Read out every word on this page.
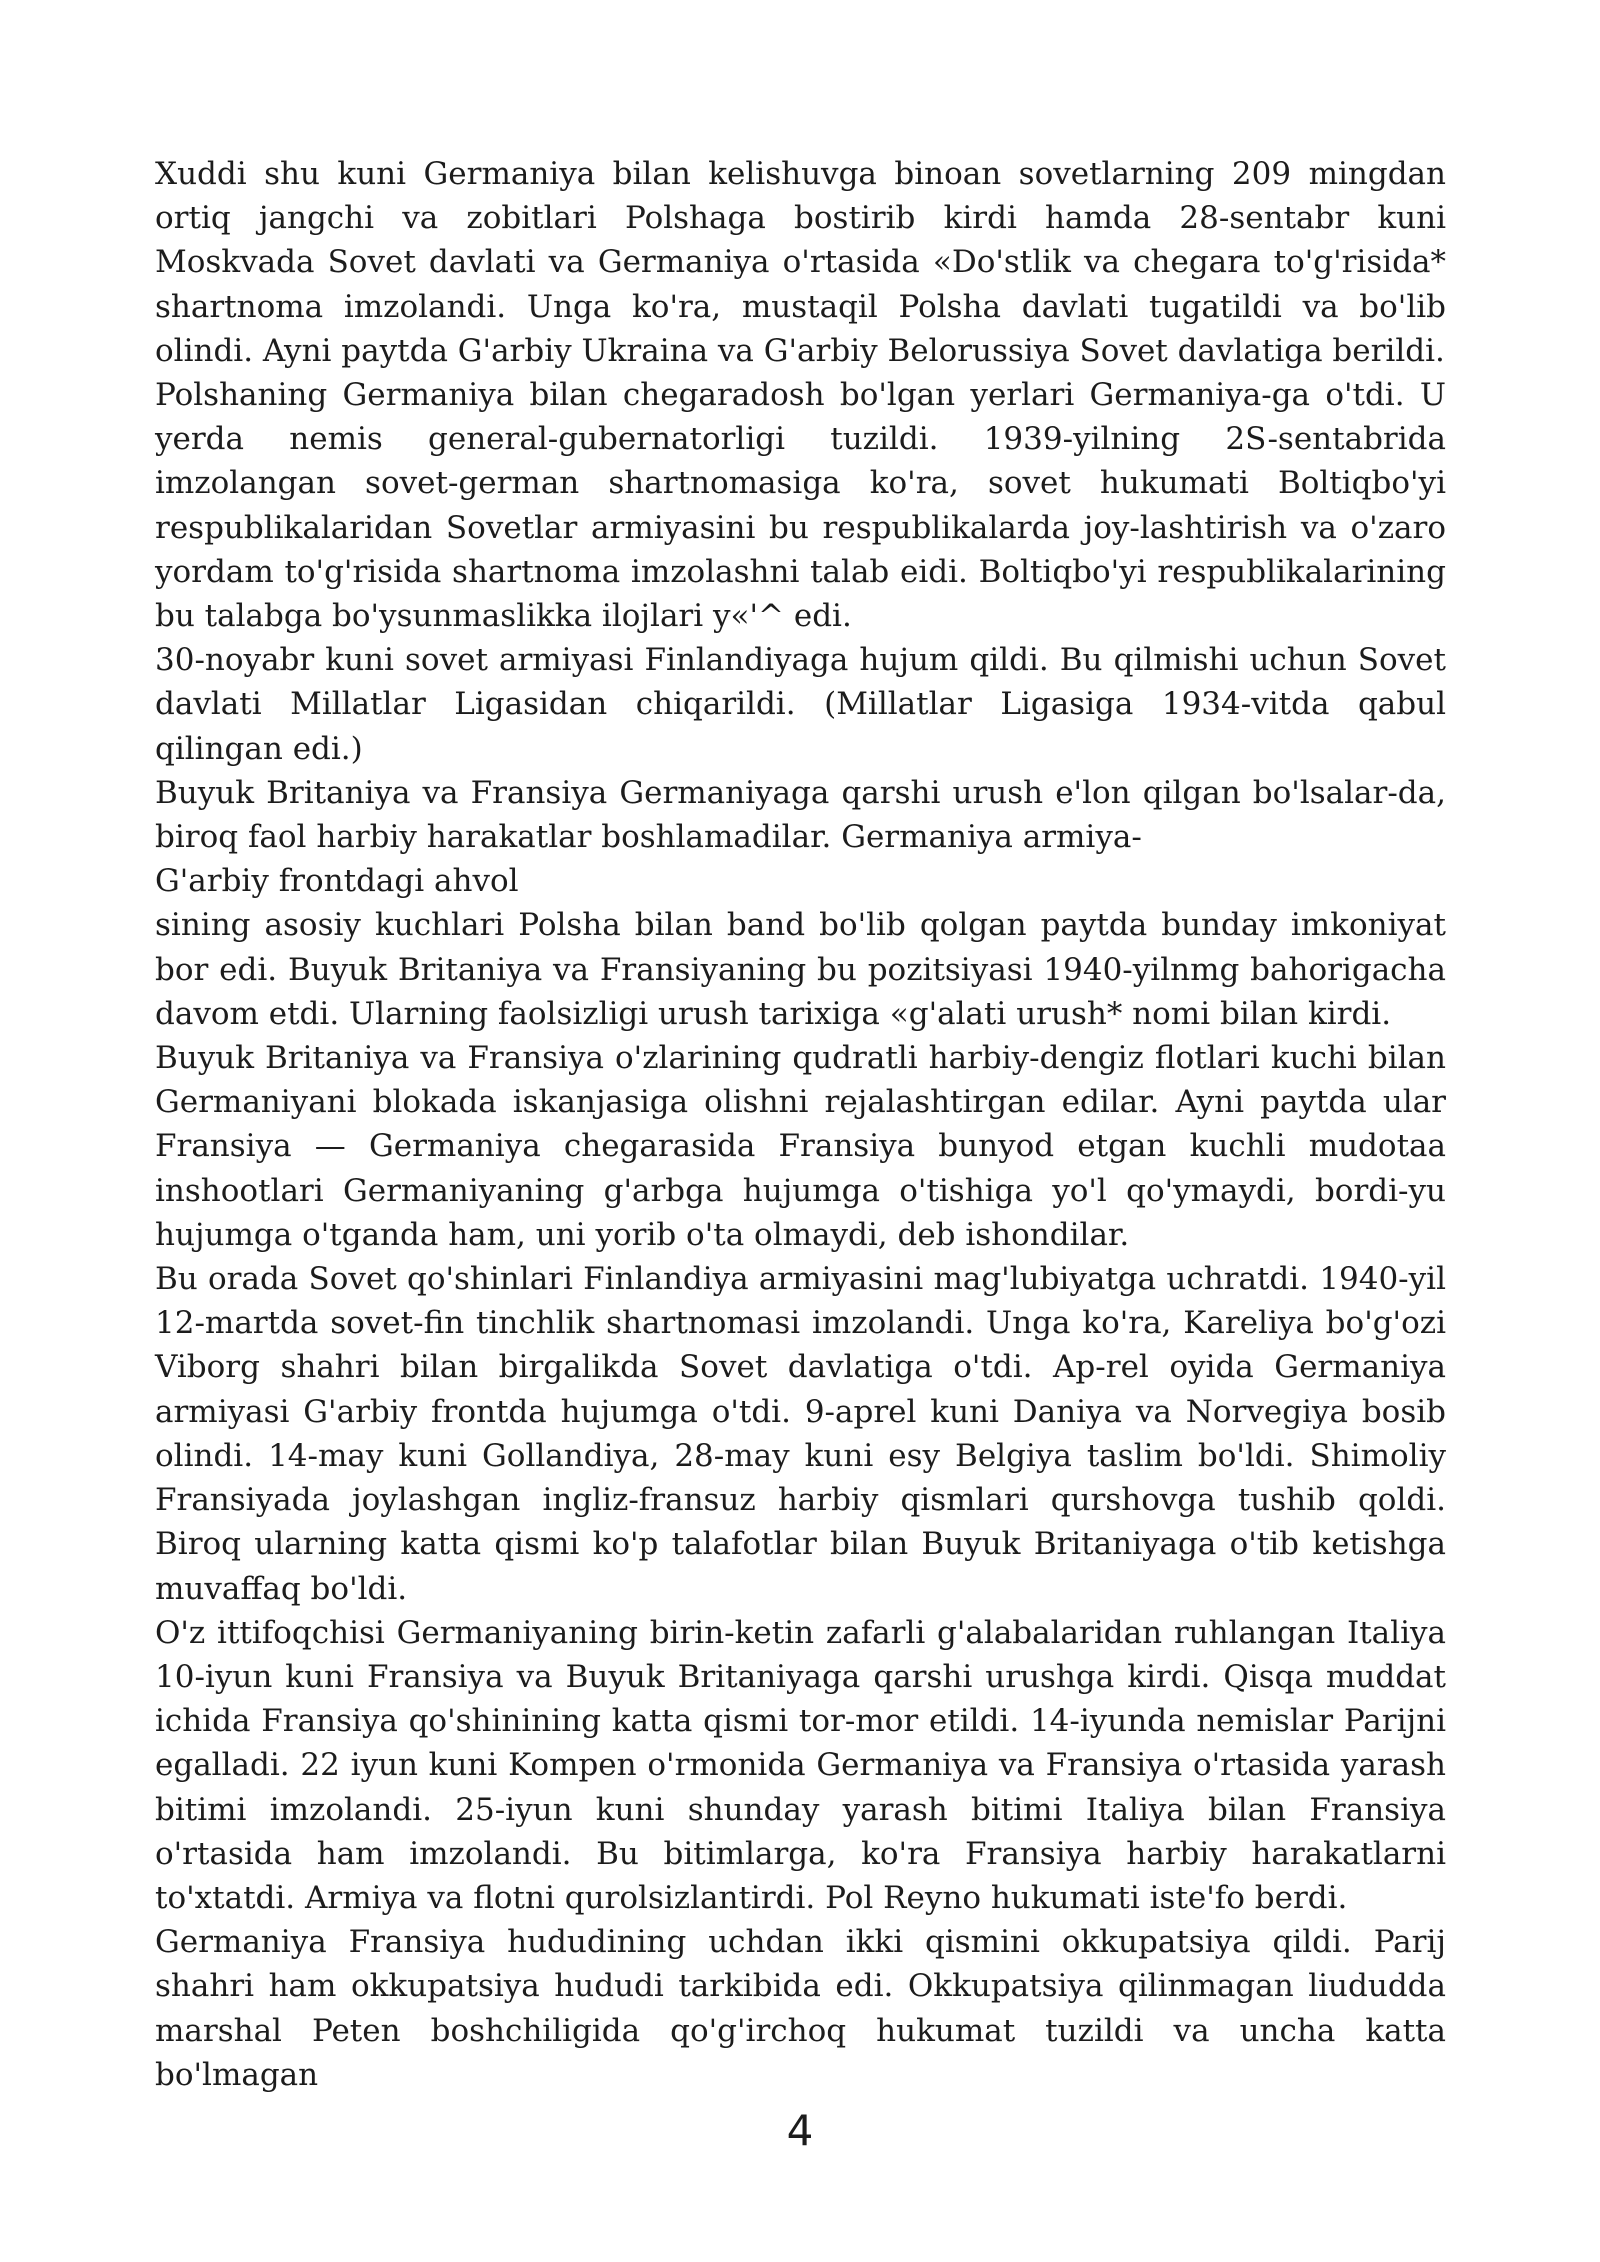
Xuddi shu kuni Germaniya bilan kelishuvga binoan sovetlarning 209 mingdan ortiq jangchi va zobitlari Polshaga bostirib kirdi hamda 28-sentabr kuni Moskvada Sovet davlati va Germaniya o'rtasida «Do'stlik va chegara to'g'risida* shartnoma imzolandi. Unga ko'ra, mustaqil Polsha davlati tugatildi va bo'lib olindi. Ayni paytda G'arbiy Ukraina va G'arbiy Belorussiya Sovet davlatiga berildi.

Polshaning Germaniya bilan chegaradosh bo'lgan yerlari Germaniya-ga o'tdi. U yerda nemis general-gubernatorligi tuzildi. 1939-yilning 2S-sentabrida imzolangan sovet-german shartnomasiga ko'ra, sovet hukumati Boltiqbo'yi respublikalaridan Sovetlar armiyasini bu respublikalarda joy-lashtirish va o'zaro yordam to'g'risida shartnoma imzolashni talab eidi. Boltiqbo'yi respublikalarining bu talabga bo'ysunmaslikka ilojlari y«'^ edi.

30-noyabr kuni sovet armiyasi Finlandiyaga hujum qildi. Bu qilmishi uchun Sovet davlati Millatlar Ligasidan chiqarildi. (Millatlar Ligasiga 1934-vitda qabul qilingan edi.)

Buyuk Britaniya va Fransiya Germaniyaga qarshi urush e'lon qilgan bo'lsalar-da, biroq faol harbiy harakatlar boshlamadilar. Germaniya armiya-

G'arbiy frontdagi ahvol

sining asosiy kuchlari Polsha bilan band bo'lib qolgan paytda bunday imkoniyat bor edi. Buyuk Britaniya va Fransiyaning bu pozitsiyasi 1940-yilnmg bahorigacha davom etdi. Ularning faolsizligi urush tarixiga «g'alati urush* nomi bilan kirdi.

Buyuk Britaniya va Fransiya o'zlarining qudratli harbiy-dengiz flotlari kuchi bilan Germaniyani blokada iskanjasiga olishni rejalashtirgan edilar. Ayni paytda ular Fransiya — Germaniya chegarasida Fransiya bunyod etgan kuchli mudotaa inshootlari Germaniyaning g'arbga hujumga o'tishiga yo'l qo'ymaydi, bordi-yu hujumga o'tganda ham, uni yorib o'ta olmaydi, deb ishondilar.

Bu orada Sovet qo'shinlari Finlandiya armiyasini mag'lubiyatga uchratdi. 1940-yil 12-martda sovet-fin tinchlik shartnomasi imzolandi. Unga ko'ra, Kareliya bo'g'ozi Viborg shahri bilan birgalikda Sovet davlatiga o'tdi. Ap-rel oyida Germaniya armiyasi G'arbiy frontda hujumga o'tdi. 9-aprel kuni Daniya va Norvegiya bosib olindi. 14-may kuni Gollandiya, 28-may kuni esy Belgiya taslim bo'ldi. Shimoliy Fransiyada joylashgan ingliz-fransuz harbiy qismlari qurshovga tushib qoldi. Biroq ularning katta qismi ko'p talafotlar bilan Buyuk Britaniyaga o'tib ketishga muvaffaq bo'ldi.

O'z ittifoqchisi Germaniyaning birin-ketin zafarli g'alabalaridan ruhlangan Italiya 10-iyun kuni Fransiya va Buyuk Britaniyaga qarshi urushga kirdi. Qisqa muddat ichida Fransiya qo'shinining katta qismi tor-mor etildi. 14-iyunda nemislar Parijni egalladi. 22 iyun kuni Kompen o'rmonida Germaniya va Fransiya o'rtasida yarash bitimi imzolandi. 25-iyun kuni shunday yarash bitimi Italiya bilan Fransiya o'rtasida ham imzolandi. Bu bitimlarga, ko'ra Fransiya harbiy harakatlarni to'xtatdi. Armiya va flotni qurolsizlantirdi. Pol Reyno hukumati iste'fo berdi.

Germaniya Fransiya hududining uchdan ikki qismini okkupatsiya qildi. Parij shahri ham okkupatsiya hududi tarkibida edi. Okkupatsiya qilinmagan liududda marshal Peten boshchiligida qo'g'irchoq hukumat tuzildi va uncha katta bo'lmagan

4
